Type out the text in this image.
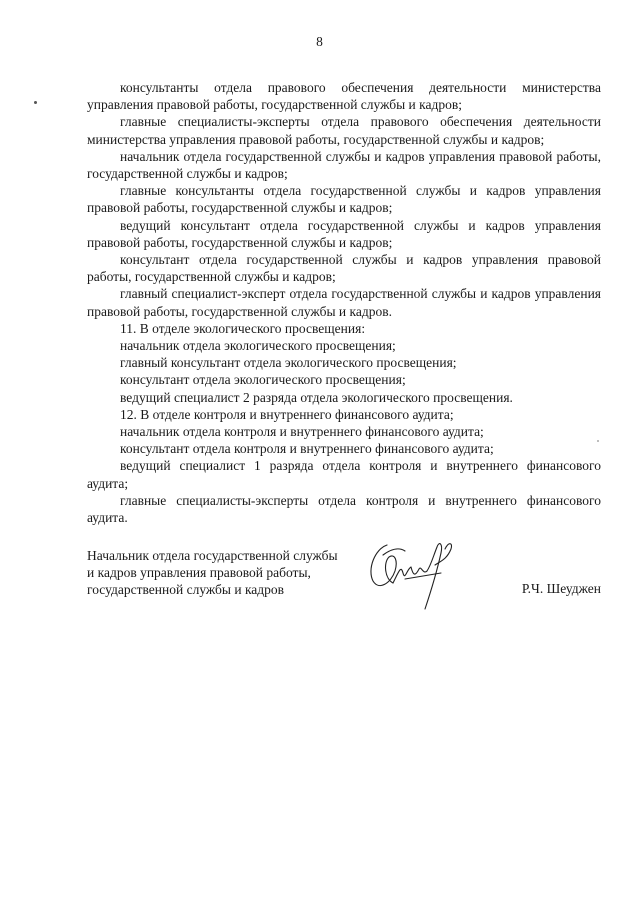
8

консультанты отдела правового обеспечения деятельности министерства управления правовой работы, государственной службы и кадров;

главные специалисты-эксперты отдела правового обеспечения деятельности министерства управления правовой работы, государственной службы и кадров;

начальник отдела государственной службы и кадров управления правовой работы, государственной службы и кадров;

главные консультанты отдела государственной службы и кадров управления правовой работы, государственной службы и кадров;

ведущий консультант отдела государственной службы и кадров управления правовой работы, государственной службы и кадров;

консультант отдела государственной службы и кадров управления правовой работы, государственной службы и кадров;

главный специалист-эксперт отдела государственной службы и кадров управления правовой работы, государственной службы и кадров.

11. В отделе экологического просвещения:

начальник отдела экологического просвещения;

главный консультант отдела экологического просвещения;

консультант отдела экологического просвещения;

ведущий специалист 2 разряда отдела экологического просвещения.

12. В отделе контроля и внутреннего финансового аудита;

начальник отдела контроля и внутреннего финансового аудита;

консультант отдела контроля и внутреннего финансового аудита;

ведущий специалист 1 разряда отдела контроля и внутреннего финансового аудита;

главные специалисты-эксперты отдела контроля и внутреннего финансового аудита.

Начальник отдела государственной службы
и кадров управления правовой работы,
государственной службы и кадров	Р.Ч. Шеуджен
